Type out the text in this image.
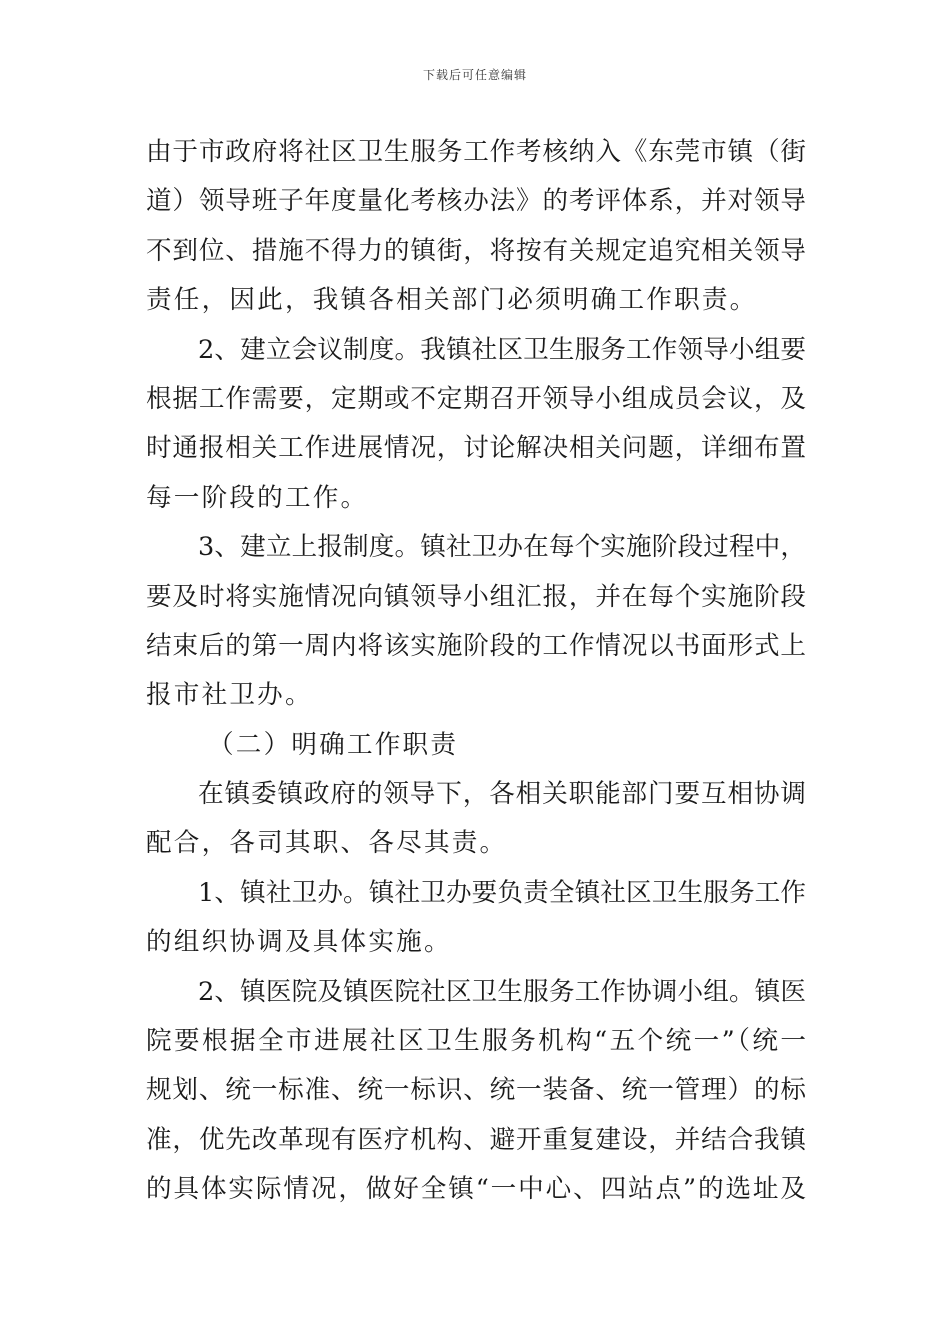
下载后可任意编辑
由于市政府将社区卫生服务工作考核纳入《东莞市镇（街
道）领导班子年度量化考核办法》的考评体系，并对领导
不到位、措施不得力的镇街，将按有关规定追究相关领导
责任，因此，我镇各相关部门必须明确工作职责。
2、建立会议制度。我镇社区卫生服务工作领导小组要
根据工作需要，定期或不定期召开领导小组成员会议，及
时通报相关工作进展情况，讨论解决相关问题，详细布置
每一阶段的工作。
3、建立上报制度。镇社卫办在每个实施阶段过程中，
要及时将实施情况向镇领导小组汇报，并在每个实施阶段
结束后的第一周内将该实施阶段的工作情况以书面形式上
报市社卫办。
（二）明确工作职责
在镇委镇政府的领导下，各相关职能部门要互相协调
配合，各司其职、各尽其责。
1、镇社卫办。镇社卫办要负责全镇社区卫生服务工作
的组织协调及具体实施。
2、镇医院及镇医院社区卫生服务工作协调小组。镇医
院要根据全市进展社区卫生服务机构“五个统一”（统一
规划、统一标准、统一标识、统一装备、统一管理）的标
准，优先改革现有医疗机构、避开重复建设，并结合我镇
的具体实际情况，做好全镇“一中心、四站点”的选址及
